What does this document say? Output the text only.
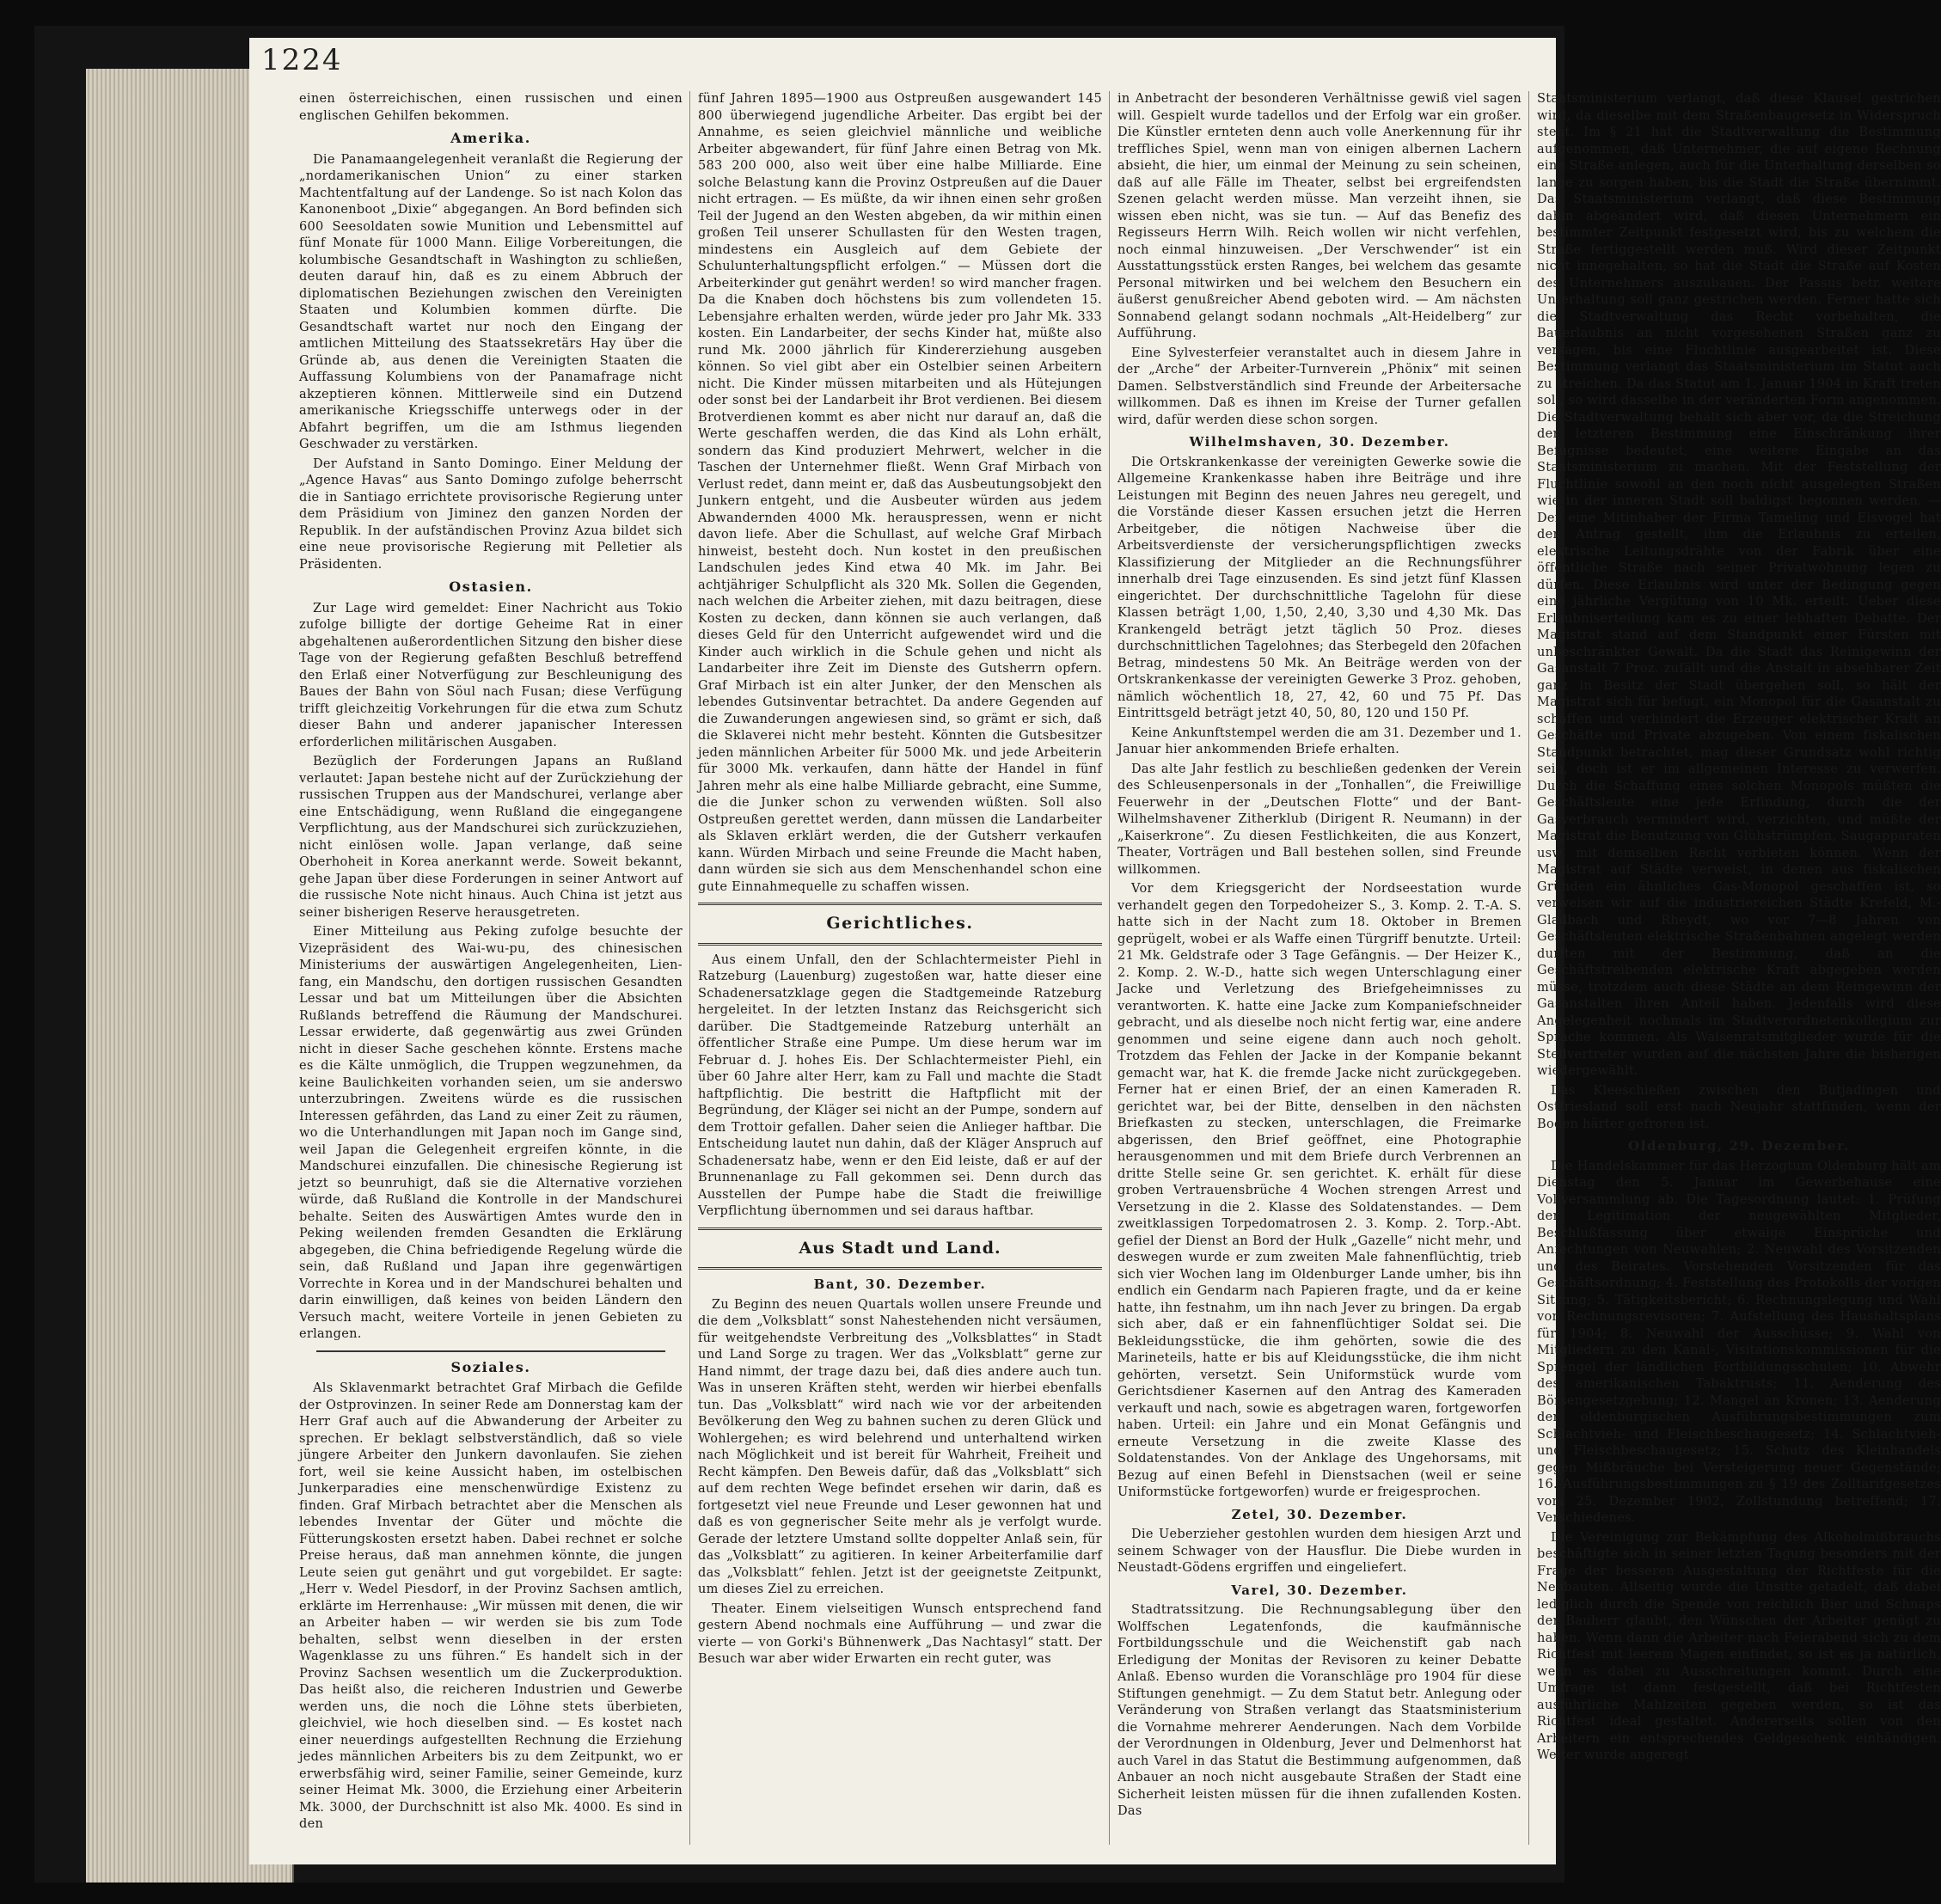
1224

einen österreichischen, einen russischen und einen englischen Gehilfen bekommen.

Amerika.

Die Panamaangelegenheit veranlaßt die Regierung der „nordamerikanischen Union“ zu einer starken Machtentfaltung auf der Landenge. So ist nach Kolon das Kanonenboot „Dixie“ abgegangen. An Bord befinden sich 600 Seesoldaten sowie Munition und Lebensmittel auf fünf Monate für 1000 Mann. Eilige Vorbereitungen, die kolumbische Gesandtschaft in Washington zu schließen, deuten darauf hin, daß es zu einem Abbruch der diplomatischen Beziehungen zwischen den Vereinigten Staaten und Kolumbien kommen dürfte. Die Gesandtschaft wartet nur noch den Eingang der amtlichen Mitteilung des Staatssekretärs Hay über die Gründe ab, aus denen die Vereinigten Staaten die Auffassung Kolumbiens von der Panamafrage nicht akzeptieren können. Mittlerweile sind ein Dutzend amerikanische Kriegsschiffe unterwegs oder in der Abfahrt begriffen, um die am Isthmus liegenden Geschwader zu verstärken.

Der Aufstand in Santo Domingo. Einer Meldung der „Agence Havas“ aus Santo Domingo zufolge beherrscht die in Santiago errichtete provisorische Regierung unter dem Präsidium von Jiminez den ganzen Norden der Republik. In der aufständischen Provinz Azua bildet sich eine neue provisorische Regierung mit Pelletier als Präsidenten.

Ostasien.

Zur Lage wird gemeldet: Einer Nachricht aus Tokio zufolge billigte der dortige Geheime Rat in einer abgehaltenen außerordentlichen Sitzung den bisher diese Tage von der Regierung gefaßten Beschluß betreffend den Erlaß einer Notverfügung zur Beschleunigung des Baues der Bahn von Söul nach Fusan; diese Verfügung trifft gleichzeitig Vorkehrungen für die etwa zum Schutz dieser Bahn und anderer japanischer Interessen erforderlichen militärischen Ausgaben.

Bezüglich der Forderungen Japans an Rußland verlautet: Japan bestehe nicht auf der Zurückziehung der russischen Truppen aus der Mandschurei, verlange aber eine Entschädigung, wenn Rußland die eingegangene Verpflichtung, aus der Mandschurei sich zurückzuziehen, nicht einlösen wolle. Japan verlange, daß seine Oberhoheit in Korea anerkannt werde. Soweit bekannt, gehe Japan über diese Forderungen in seiner Antwort auf die russische Note nicht hinaus. Auch China ist jetzt aus seiner bisherigen Reserve herausgetreten.

Einer Mitteilung aus Peking zufolge besuchte der Vizepräsident des Wai-wu-pu, des chinesischen Ministeriums der auswärtigen Angelegenheiten, Lien-fang, ein Mandschu, den dortigen russischen Gesandten Lessar und bat um Mitteilungen über die Absichten Rußlands betreffend die Räumung der Mandschurei. Lessar erwiderte, daß gegenwärtig aus zwei Gründen nicht in dieser Sache geschehen könnte. Erstens mache es die Kälte unmöglich, die Truppen wegzunehmen, da keine Baulichkeiten vorhanden seien, um sie anderswo unterzubringen. Zweitens würde es die russischen Interessen gefährden, das Land zu einer Zeit zu räumen, wo die Unterhandlungen mit Japan noch im Gange sind, weil Japan die Gelegenheit ergreifen könnte, in die Mandschurei einzufallen. Die chinesische Regierung ist jetzt so beunruhigt, daß sie die Alternative vorziehen würde, daß Rußland die Kontrolle in der Mandschurei behalte. Seiten des Auswärtigen Amtes wurde den in Peking weilenden fremden Gesandten die Erklärung abgegeben, die China befriedigende Regelung würde die sein, daß Rußland und Japan ihre gegenwärtigen Vorrechte in Korea und in der Mandschurei behalten und darin einwilligen, daß keines von beiden Ländern den Versuch macht, weitere Vorteile in jenen Gebieten zu erlangen.

Soziales.

Als Sklavenmarkt betrachtet Graf Mirbach die Gefilde der Ostprovinzen. In seiner Rede am Donnerstag kam der Herr Graf auch auf die Abwanderung der Arbeiter zu sprechen. Er beklagt selbstverständlich, daß so viele jüngere Arbeiter den Junkern davonlaufen. Sie ziehen fort, weil sie keine Aussicht haben, im ostelbischen Junkerparadies eine menschenwürdige Existenz zu finden. Graf Mirbach betrachtet aber die Menschen als lebendes Inventar der Güter und möchte die Fütterungskosten ersetzt haben. Dabei rechnet er solche Preise heraus, daß man annehmen könnte, die jungen Leute seien gut genährt und gut vorgebildet. Er sagte: „Herr v. Wedel Piesdorf, in der Provinz Sachsen amtlich, erklärte im Herrenhause: „Wir müssen mit denen, die wir an Arbeiter haben — wir werden sie bis zum Tode behalten, selbst wenn dieselben in der ersten Wagenklasse zu uns führen.“ Es handelt sich in der Provinz Sachsen wesentlich um die Zuckerproduktion. Das heißt also, die reicheren Industrien und Gewerbe werden uns, die noch die Löhne stets überbieten, gleichviel, wie hoch dieselben sind. — Es kostet nach einer neuerdings aufgestellten Rechnung die Erziehung jedes männlichen Arbeiters bis zu dem Zeitpunkt, wo er erwerbsfähig wird, seiner Familie, seiner Gemeinde, kurz seiner Heimat Mk. 3000, die Erziehung einer Arbeiterin Mk. 3000, der Durchschnitt ist also Mk. 4000. Es sind in den

fünf Jahren 1895—1900 aus Ostpreußen ausgewandert 145 800 überwiegend jugendliche Arbeiter. Das ergibt bei der Annahme, es seien gleichviel männliche und weibliche Arbeiter abgewandert, für fünf Jahre einen Betrag von Mk. 583 200 000, also weit über eine halbe Milliarde. Eine solche Belastung kann die Provinz Ostpreußen auf die Dauer nicht ertragen. — Es müßte, da wir ihnen einen sehr großen Teil der Jugend an den Westen abgeben, da wir mithin einen großen Teil unserer Schullasten für den Westen tragen, mindestens ein Ausgleich auf dem Gebiete der Schulunterhaltungspflicht erfolgen.“ — Müssen dort die Arbeiterkinder gut genährt werden! so wird mancher fragen. Da die Knaben doch höchstens bis zum vollendeten 15. Lebensjahre erhalten werden, würde jeder pro Jahr Mk. 333 kosten. Ein Landarbeiter, der sechs Kinder hat, müßte also rund Mk. 2000 jährlich für Kindererziehung ausgeben können. So viel gibt aber ein Ostelbier seinen Arbeitern nicht. Die Kinder müssen mitarbeiten und als Hütejungen oder sonst bei der Landarbeit ihr Brot verdienen. Bei diesem Brotverdienen kommt es aber nicht nur darauf an, daß die Werte geschaffen werden, die das Kind als Lohn erhält, sondern das Kind produziert Mehrwert, welcher in die Taschen der Unternehmer fließt. Wenn Graf Mirbach von Verlust redet, dann meint er, daß das Ausbeutungsobjekt den Junkern entgeht, und die Ausbeuter würden aus jedem Abwandernden 4000 Mk. herauspressen, wenn er nicht davon liefe. Aber die Schullast, auf welche Graf Mirbach hinweist, besteht doch. Nun kostet in den preußischen Landschulen jedes Kind etwa 40 Mk. im Jahr. Bei achtjähriger Schulpflicht als 320 Mk. Sollen die Gegenden, nach welchen die Arbeiter ziehen, mit dazu beitragen, diese Kosten zu decken, dann können sie auch verlangen, daß dieses Geld für den Unterricht aufgewendet wird und die Kinder auch wirklich in die Schule gehen und nicht als Landarbeiter ihre Zeit im Dienste des Gutsherrn opfern. Graf Mirbach ist ein alter Junker, der den Menschen als lebendes Gutsinventar betrachtet. Da andere Gegenden auf die Zuwanderungen angewiesen sind, so grämt er sich, daß die Sklaverei nicht mehr besteht. Könnten die Gutsbesitzer jeden männlichen Arbeiter für 5000 Mk. und jede Arbeiterin für 3000 Mk. verkaufen, dann hätte der Handel in fünf Jahren mehr als eine halbe Milliarde gebracht, eine Summe, die die Junker schon zu verwenden wüßten. Soll also Ostpreußen gerettet werden, dann müssen die Landarbeiter als Sklaven erklärt werden, die der Gutsherr verkaufen kann. Würden Mirbach und seine Freunde die Macht haben, dann würden sie sich aus dem Menschenhandel schon eine gute Einnahmequelle zu schaffen wissen.

Gerichtliches.

Aus einem Unfall, den der Schlachtermeister Piehl in Ratzeburg (Lauenburg) zugestoßen war, hatte dieser eine Schadenersatzklage gegen die Stadtgemeinde Ratzeburg hergeleitet. In der letzten Instanz das Reichsgericht sich darüber. Die Stadtgemeinde Ratzeburg unterhält an öffentlicher Straße eine Pumpe. Um diese herum war im Februar d. J. hohes Eis. Der Schlachtermeister Piehl, ein über 60 Jahre alter Herr, kam zu Fall und machte die Stadt haftpflichtig. Die bestritt die Haftpflicht mit der Begründung, der Kläger sei nicht an der Pumpe, sondern auf dem Trottoir gefallen. Daher seien die Anlieger haftbar. Die Entscheidung lautet nun dahin, daß der Kläger Anspruch auf Schadenersatz habe, wenn er den Eid leiste, daß er auf der Brunnenanlage zu Fall gekommen sei. Denn durch das Ausstellen der Pumpe habe die Stadt die freiwillige Verpflichtung übernommen und sei daraus haftbar.

Aus Stadt und Land.
Bant, 30. Dezember.

Zu Beginn des neuen Quartals wollen unsere Freunde und die dem „Volksblatt“ sonst Nahestehenden nicht versäumen, für weitgehendste Verbreitung des „Volksblattes“ in Stadt und Land Sorge zu tragen. Wer das „Volksblatt“ gerne zur Hand nimmt, der trage dazu bei, daß dies andere auch tun. Was in unseren Kräften steht, werden wir hierbei ebenfalls tun. Das „Volksblatt“ wird nach wie vor der arbeitenden Bevölkerung den Weg zu bahnen suchen zu deren Glück und Wohlergehen; es wird belehrend und unterhaltend wirken nach Möglichkeit und ist bereit für Wahrheit, Freiheit und Recht kämpfen. Den Beweis dafür, daß das „Volksblatt“ sich auf dem rechten Wege befindet ersehen wir darin, daß es fortgesetzt viel neue Freunde und Leser gewonnen hat und daß es von gegnerischer Seite mehr als je verfolgt wurde. Gerade der letztere Umstand sollte doppelter Anlaß sein, für das „Volksblatt“ zu agitieren. In keiner Arbeiterfamilie darf das „Volksblatt“ fehlen. Jetzt ist der geeignetste Zeitpunkt, um dieses Ziel zu erreichen.

Theater. Einem vielseitigen Wunsch entsprechend fand gestern Abend nochmals eine Aufführung — und zwar die vierte — von Gorki's Bühnenwerk „Das Nachtasyl“ statt. Der Besuch war aber wider Erwarten ein recht guter, was

in Anbetracht der besonderen Verhältnisse gewiß viel sagen will. Gespielt wurde tadellos und der Erfolg war ein großer. Die Künstler ernteten denn auch volle Anerkennung für ihr treffliches Spiel, wenn man von einigen albernen Lachern absieht, die hier, um einmal der Meinung zu sein scheinen, daß auf alle Fälle im Theater, selbst bei ergreifendsten Szenen gelacht werden müsse. Man verzeiht ihnen, sie wissen eben nicht, was sie tun. — Auf das Benefiz des Regisseurs Herrn Wilh. Reich wollen wir nicht verfehlen, noch einmal hinzuweisen. „Der Verschwender“ ist ein Ausstattungsstück ersten Ranges, bei welchem das gesamte Personal mitwirken und bei welchem den Besuchern ein äußerst genußreicher Abend geboten wird. — Am nächsten Sonnabend gelangt sodann nochmals „Alt-Heidelberg“ zur Aufführung.

Eine Sylvesterfeier veranstaltet auch in diesem Jahre in der „Arche“ der Arbeiter-Turnverein „Phönix“ mit seinen Damen. Selbstverständlich sind Freunde der Arbeitersache willkommen. Daß es ihnen im Kreise der Turner gefallen wird, dafür werden diese schon sorgen.

Wilhelmshaven, 30. Dezember.

Die Ortskrankenkasse der vereinigten Gewerke sowie die Allgemeine Krankenkasse haben ihre Beiträge und ihre Leistungen mit Beginn des neuen Jahres neu geregelt, und die Vorstände dieser Kassen ersuchen jetzt die Herren Arbeitgeber, die nötigen Nachweise über die Arbeitsverdienste der versicherungspflichtigen zwecks Klassifizierung der Mitglieder an die Rechnungsführer innerhalb drei Tage einzusenden. Es sind jetzt fünf Klassen eingerichtet. Der durchschnittliche Tagelohn für diese Klassen beträgt 1,00, 1,50, 2,40, 3,30 und 4,30 Mk. Das Krankengeld beträgt jetzt täglich 50 Proz. dieses durchschnittlichen Tagelohnes; das Sterbegeld den 20fachen Betrag, mindestens 50 Mk. An Beiträge werden von der Ortskrankenkasse der vereinigten Gewerke 3 Proz. gehoben, nämlich wöchentlich 18, 27, 42, 60 und 75 Pf. Das Eintrittsgeld beträgt jetzt 40, 50, 80, 120 und 150 Pf.

Keine Ankunftstempel werden die am 31. Dezember und 1. Januar hier ankommenden Briefe erhalten.

Das alte Jahr festlich zu beschließen gedenken der Verein des Schleusenpersonals in der „Tonhallen“, die Freiwillige Feuerwehr in der „Deutschen Flotte“ und der Bant-Wilhelmshavener Zitherklub (Dirigent R. Neumann) in der „Kaiserkrone“. Zu diesen Festlichkeiten, die aus Konzert, Theater, Vorträgen und Ball bestehen sollen, sind Freunde willkommen.

Vor dem Kriegsgericht der Nordseestation wurde verhandelt gegen den Torpedoheizer S., 3. Komp. 2. T.-A. S. hatte sich in der Nacht zum 18. Oktober in Bremen geprügelt, wobei er als Waffe einen Türgriff benutzte. Urteil: 21 Mk. Geldstrafe oder 3 Tage Gefängnis. — Der Heizer K., 2. Komp. 2. W.-D., hatte sich wegen Unterschlagung einer Jacke und Verletzung des Briefgeheimnisses zu verantworten. K. hatte eine Jacke zum Kompaniefschneider gebracht, und als dieselbe noch nicht fertig war, eine andere genommen und seine eigene dann auch noch geholt. Trotzdem das Fehlen der Jacke in der Kompanie bekannt gemacht war, hat K. die fremde Jacke nicht zurückgegeben. Ferner hat er einen Brief, der an einen Kameraden R. gerichtet war, bei der Bitte, denselben in den nächsten Briefkasten zu stecken, unterschlagen, die Freimarke abgerissen, den Brief geöffnet, eine Photographie herausgenommen und mit dem Briefe durch Verbrennen an dritte Stelle seine Gr. sen gerichtet. K. erhält für diese groben Vertrauensbrüche 4 Wochen strengen Arrest und Versetzung in die 2. Klasse des Soldatenstandes. — Dem zweitklassigen Torpedomatrosen 2. 3. Komp. 2. Torp.-Abt. gefiel der Dienst an Bord der Hulk „Gazelle“ nicht mehr, und deswegen wurde er zum zweiten Male fahnenflüchtig, trieb sich vier Wochen lang im Oldenburger Lande umher, bis ihn endlich ein Gendarm nach Papieren fragte, und da er keine hatte, ihn festnahm, um ihn nach Jever zu bringen. Da ergab sich aber, daß er ein fahnenflüchtiger Soldat sei. Die Bekleidungsstücke, die ihm gehörten, sowie die des Marineteils, hatte er bis auf Kleidungsstücke, die ihm nicht gehörten, versetzt. Sein Uniformstück wurde vom Gerichtsdiener Kasernen auf den Antrag des Kameraden verkauft und nach, sowie es abgetragen waren, fortgeworfen haben. Urteil: ein Jahre und ein Monat Gefängnis und erneute Versetzung in die zweite Klasse des Soldatenstandes. Von der Anklage des Ungehorsams, mit Bezug auf einen Befehl in Dienstsachen (weil er seine Uniformstücke fortgeworfen) wurde er freigesprochen.

Zetel, 30. Dezember.

Die Ueberzieher gestohlen wurden dem hiesigen Arzt und seinem Schwager von der Hausflur. Die Diebe wurden in Neustadt-Gödens ergriffen und eingeliefert.

Varel, 30. Dezember.

Stadtratssitzung. Die Rechnungsablegung über den Wolffschen Legatenfonds, die kaufmännische Fortbildungsschule und die Weichenstift gab nach Erledigung der Monitas der Revisoren zu keiner Debatte Anlaß. Ebenso wurden die Voranschläge pro 1904 für diese Stiftungen genehmigt. — Zu dem Statut betr. Anlegung oder Veränderung von Straßen verlangt das Staatsministerium die Vornahme mehrerer Aenderungen. Nach dem Vorbilde der Verordnungen in Oldenburg, Jever und Delmenhorst hat auch Varel in das Statut die Bestimmung aufgenommen, daß Anbauer an noch nicht ausgebaute Straßen der Stadt eine Sicherheit leisten müssen für die ihnen zufallenden Kosten. Das

Staatsministerium verlangt, daß diese Klausel gestrichen wird, da dieselbe mit dem Straßenbaugesetz in Widerspruch steht. Im § 21 hat die Stadtverwaltung die Bestimmung aufgenommen, daß Unternehmer, die auf eigene Rechnung eine Straße anlegen, auch für die Unterhaltung derselben so lange zu sorgen haben, bis die Stadt die Straße übernimmt. Das Staatsministerium verlangt, daß diese Bestimmung dahin abgeändert wird, daß diesen Unternehmern ein bestimmter Zeitpunkt festgesetzt wird, bis zu welchem die Straße fertiggestellt werden muß. Wird dieser Zeitpunkt nicht innegehalten, so hat die Stadt die Straße auf Kosten des Unternehmers auszubauen. Der Passus betr. weitere Unterhaltung soll ganz gestrichen werden. Ferner hatte sich die Stadtverwaltung das Recht vorbehalten, die Bauerlaubnis an nicht vorgesehenen Straßen ganz zu versagen, bis eine Fluchtlinie ausgearbeitet ist. Diese Bestimmung verlangt das Staatsministerium im Statut auch zu streichen. Da das Statut am 1. Januar 1904 in Kraft treten soll, so wird dasselbe in der veränderten Form angenommen. Die Stadtverwaltung behält sich aber vor, da die Streichung der letzteren Bestimmung eine Einschränkung ihrer Befugnisse bedeutet, eine weitere Eingabe an das Staatsministerium zu machen. Mit der Feststellung der Fluchtlinie sowohl an den noch nicht ausgelegten Straßen wie in der inneren Stadt soll baldigst begonnen werden. — Der eine Mitinhaber der Firma Tameling und Eisvogel hat den Antrag gestellt, ihm die Erlaubnis zu erteilen, elektrische Leitungsdrähte von der Fabrik über eine öffentliche Straße nach seiner Privatwohnung legen zu dürfen. Diese Erlaubnis wird unter der Bedingung gegen eine jährliche Vergütung von 10 Mk. erteilt. Ueber diese Erlaubniserteilung kam es zu einer lebhaften Debatte. Der Magistrat stand auf dem Standpunkt einer Fürsten mit unbeschränkter Gewalt. Da die Stadt das Reinigewinn der Gasanstalt 7 Proz. zufällt und die Anstalt in absehbarer Zeit ganz in Besitz der Stadt übergehen soll, so hält der Magistrat sich für befugt, ein Monopol für die Gasanstalt zu schaffen und verhindert die Erzeuger elektrischer Kraft an Geschäfte und Private abzugeben. Von einem fiskalischen Standpunkt betrachtet, mag dieser Grundsatz wohl richtig sein, doch ist er im allgemeinen Interesse zu verwerfen. Durch die Schaffung eines solchen Monopols müßten die Geschäftsleute eine jede Erfindung, durch die der Gasverbrauch vermindert wird, verzichten, und müßte der Magistrat die Benutzung von Glühstrümpfen, Saugapparaten usw. mit demselben Recht verbieten können. Wenn der Magistrat auf Städte verweist, in denen aus fiskalischen Gründen ein ähnliches Gas-Monopol geschaffen ist, so verweisen wir auf die industriereichen Städte Krefeld, M.-Gladbach und Rheydt, wo vor 7—8 Jahren von Geschäftsleuten elektrische Straßenbahnen angelegt werden durften mit der Bestimmung, daß an die Geschäftstreibenden elektrische Kraft abgegeben werden müsse, trotzdem auch diese Städte an dem Reingewinn der Gasanstalten ihren Anteil haben. Jedenfalls wird diese Angelegenheit nochmals im Stadtverordnetenkollegium zur Sprache kommen. Als Waisenratsmitglieder wurde für die Stellvertreter wurden auf die nächsten Jahre die bisherigen wiedergewählt.

Das Kleeschießen zwischen den Butjadingen und Ostfriesland soll erst nach Neujahr stattfinden, wenn der Boden härter gefroren ist.

Oldenburg, 29. Dezember.

Die Handelskammer für das Herzogtum Oldenburg hält am Dienstag den 5. Januar im Gewerbehause eine Vollversammlung ab. Die Tagesordnung lautet: 1. Prüfung der Legitimation der neugewählten Mitglieder, Beschlußfassung über etwaige Einsprüche und Anfechtungen von Neuwahlen; 2. Neuwahl des Vorsitzenden und des Beirates. Vorstehenden Vorsitzenden für das Geschäftsordnung; 4. Feststellung des Protokolls der vorigen Sitzung; 5. Tätigkeitsbericht; 6. Rechnungslegung und Wahl von Rechnungsrevisoren; 7. Aufstellung des Haushaltsplans für 1904; 8. Neuwahl der Ausschüsse; 9. Wahl von Mitgliedern zu den Kanal-, Visitationskommissionen für die Sprengel der ländlichen Fortbildungsschulen; 10. Abwehr des amerikanischen Tabaktrusts; 11. Aenderung des Börsengesetzgebung; 12. Mangel an Kronen; 13. Aenderung der oldenburgischen Ausführungsbestimmungen zum Schlachtvieh- und Fleischbeschaugesetz; 14. Schlachtvieh- und Fleischbeschaugesetz; 15. Schutz des Kleinhandels gegen Mißbräuche bei Versteigerung neuer Gegenstände; 16. Ausführungsbestimmungen zu § 19 des Zolltarifgesetzes vom 25. Dezember 1902, Zollstundung betreffend; 17. Verschiedenes.

Die Vereinigung zur Bekämpfung des Alkoholmißbrauchs beschäftigte sich in seiner letzten Tagung besonders mit der Frage der besseren Ausgestaltung der Richtfeste für die Neubauten. Allseitig wurde die Unsitte getadelt, daß dabei lediglich durch die Spende von reichlich Bier und Schnaps der Bauherr glaubt, den Wünschen der Arbeiter genügt zu haben. Wenn dann die Arbeiter nach Feierabend sich zu dem Richtfest mit leerem Magen einfindet, so ist es ja natürlich, wenn es dabei zu Ausschreitungen kommt. Durch eine Umfrage ist dann festgestellt, daß bei Richtfesten ausführliche Mahlzeiten gegeben werden, so ist das Richtfest ideal gestaltet. Andererseits sollen von den Arbeitern ein entsprechendes Geldgeschenk einhändigen. Weiter wurde angeregt
